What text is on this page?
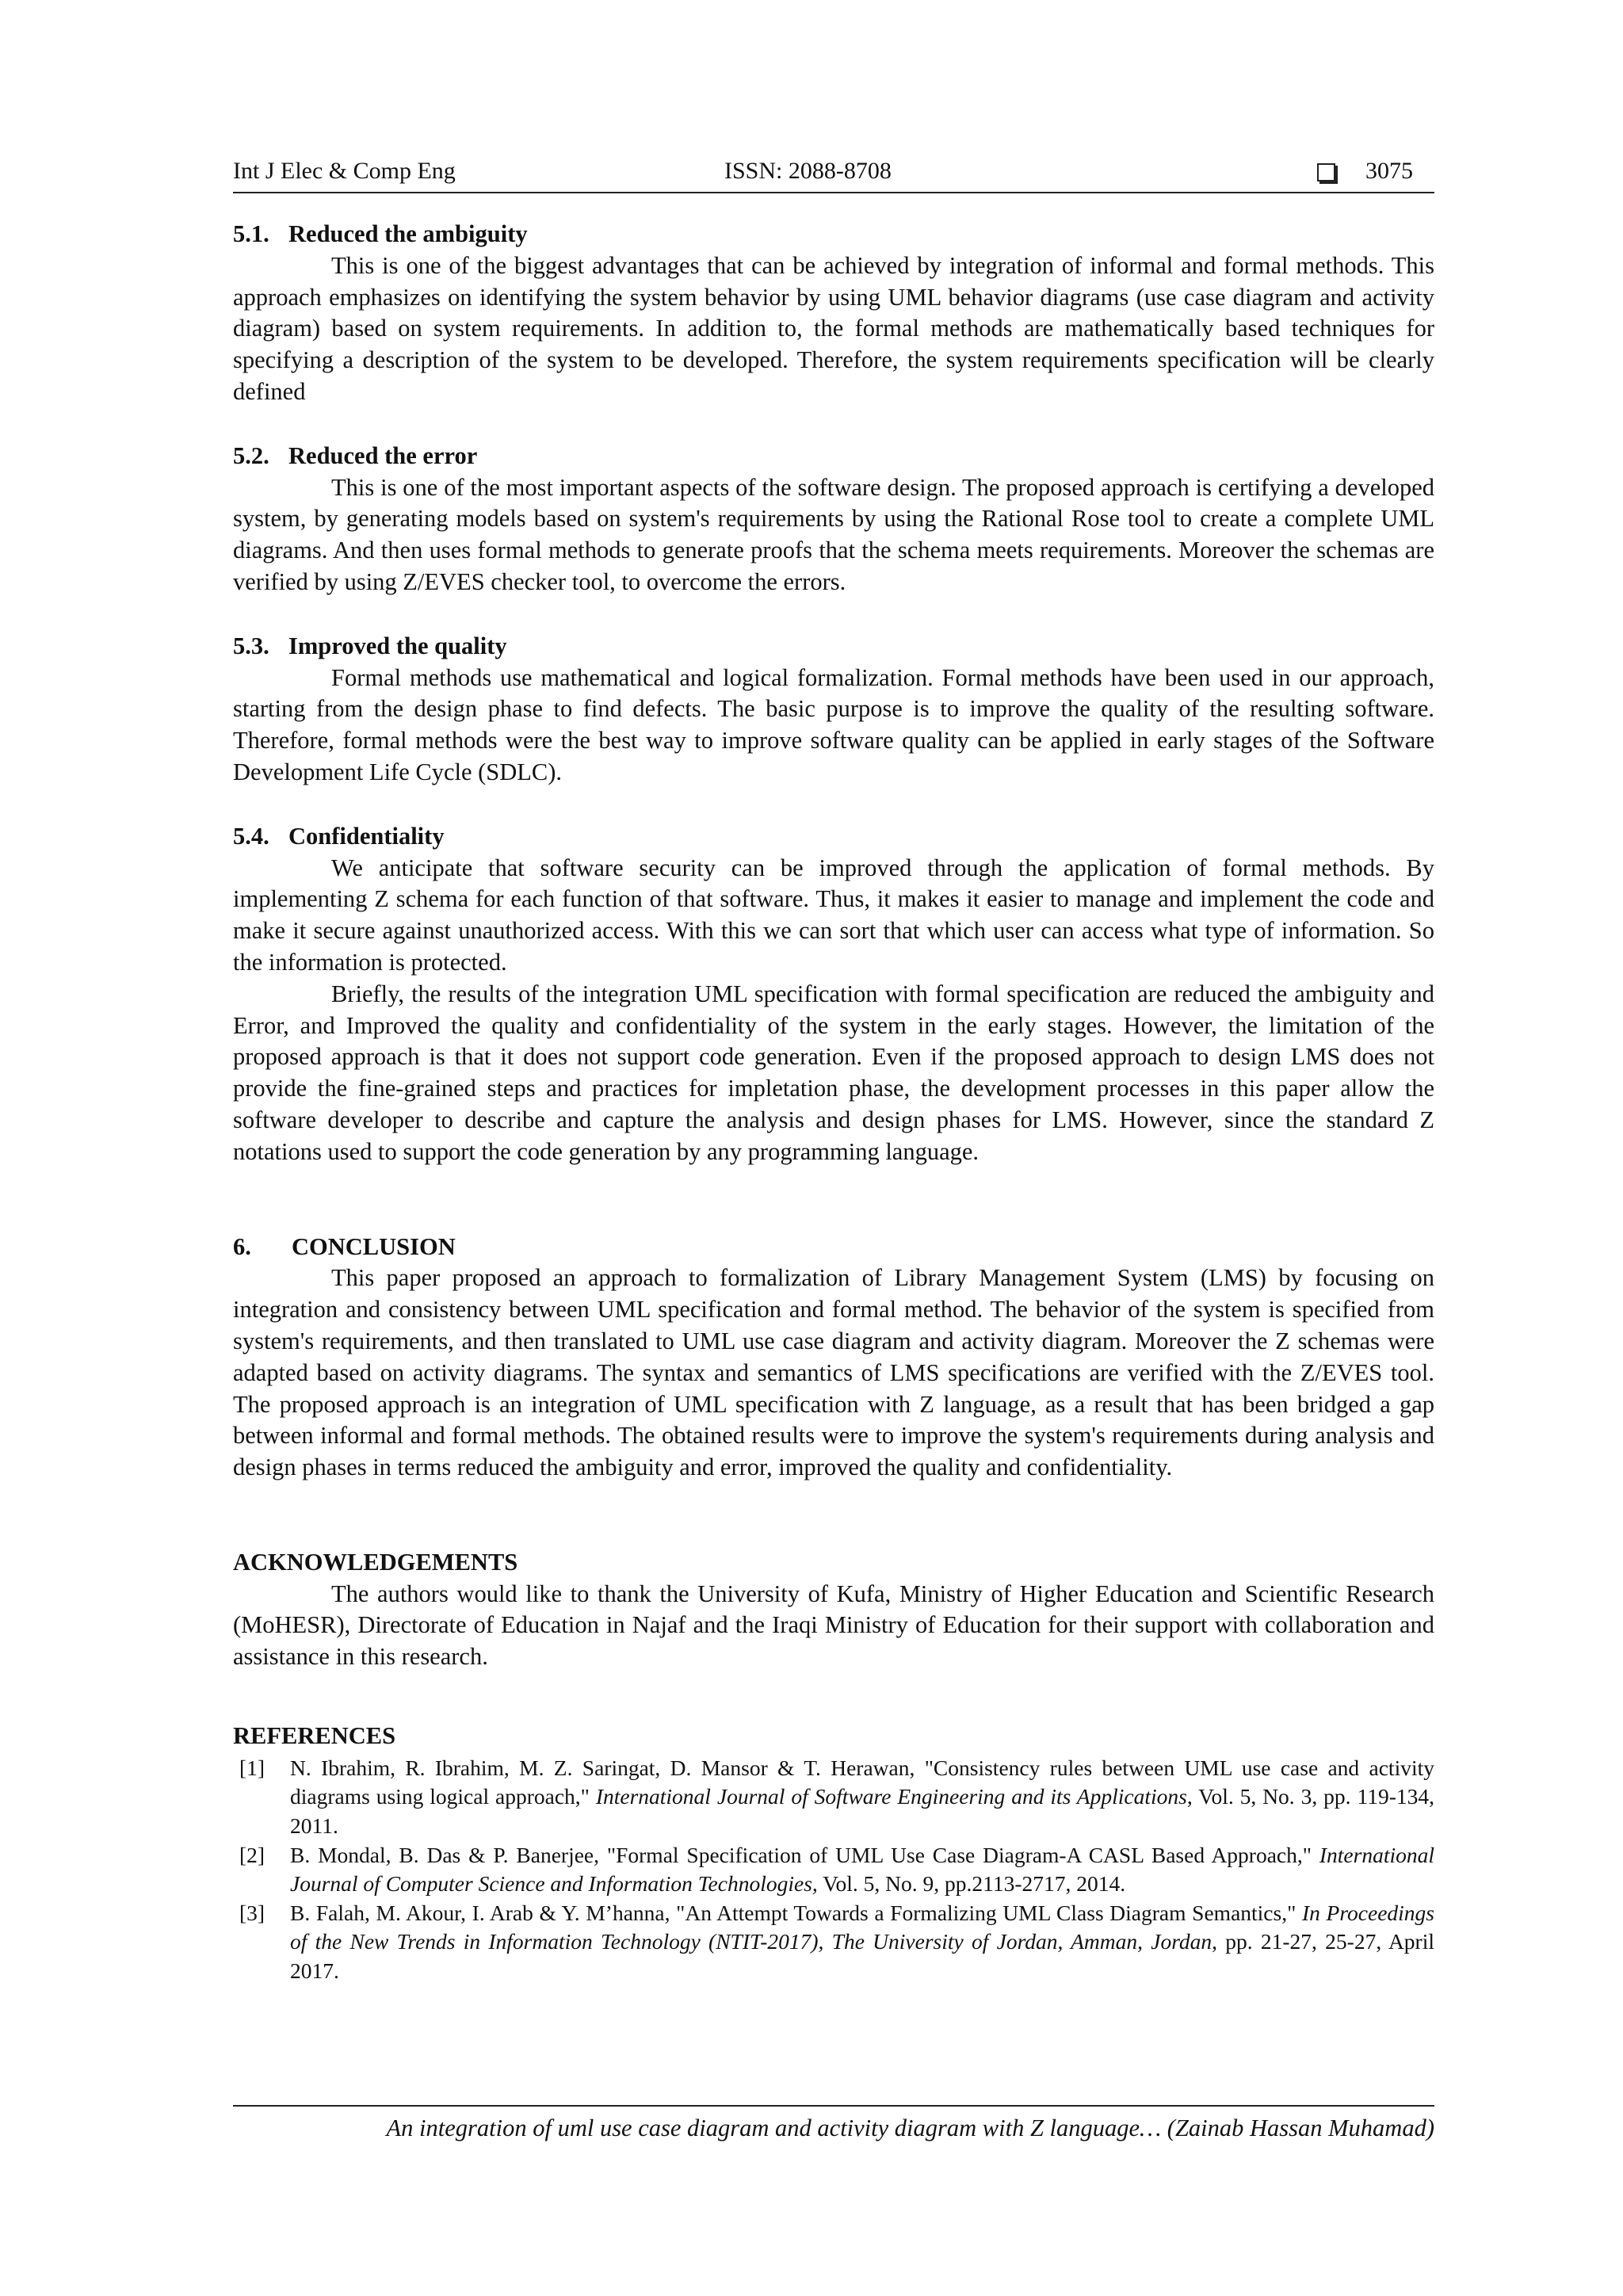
Int J Elec & Comp Eng	ISSN: 2088-8708	3075

5.1. Reduced the ambiguity

This is one of the biggest advantages that can be achieved by integration of informal and formal methods. This approach emphasizes on identifying the system behavior by using UML behavior diagrams (use case diagram and activity diagram) based on system requirements. In addition to, the formal methods are mathematically based techniques for specifying a description of the system to be developed. Therefore, the system requirements specification will be clearly defined

5.2. Reduced the error

This is one of the most important aspects of the software design. The proposed approach is certifying a developed system, by generating models based on system's requirements by using the Rational Rose tool to create a complete UML diagrams. And then uses formal methods to generate proofs that the schema meets requirements. Moreover the schemas are verified by using Z/EVES checker tool, to overcome the errors.

5.3. Improved the quality

Formal methods use mathematical and logical formalization. Formal methods have been used in our approach, starting from the design phase to find defects. The basic purpose is to improve the quality of the resulting software. Therefore, formal methods were the best way to improve software quality can be applied in early stages of the Software Development Life Cycle (SDLC).

5.4. Confidentiality

We anticipate that software security can be improved through the application of formal methods. By implementing Z schema for each function of that software. Thus, it makes it easier to manage and implement the code and make it secure against unauthorized access. With this we can sort that which user can access what type of information. So the information is protected.

Briefly, the results of the integration UML specification with formal specification are reduced the ambiguity and Error, and Improved the quality and confidentiality of the system in the early stages. However, the limitation of the proposed approach is that it does not support code generation. Even if the proposed approach to design LMS does not provide the fine-grained steps and practices for impletation phase, the development processes in this paper allow the software developer to describe and capture the analysis and design phases for LMS. However, since the standard Z notations used to support the code generation by any programming language.

6. CONCLUSION

This paper proposed an approach to formalization of Library Management System (LMS) by focusing on integration and consistency between UML specification and formal method. The behavior of the system is specified from system's requirements, and then translated to UML use case diagram and activity diagram. Moreover the Z schemas were adapted based on activity diagrams. The syntax and semantics of LMS specifications are verified with the Z/EVES tool. The proposed approach is an integration of UML specification with Z language, as a result that has been bridged a gap between informal and formal methods. The obtained results were to improve the system's requirements during analysis and design phases in terms reduced the ambiguity and error, improved the quality and confidentiality.

ACKNOWLEDGEMENTS

The authors would like to thank the University of Kufa, Ministry of Higher Education and Scientific Research (MoHESR), Directorate of Education in Najaf and the Iraqi Ministry of Education for their support with collaboration and assistance in this research.

REFERENCES

[1]	N. Ibrahim, R. Ibrahim, M. Z. Saringat, D. Mansor & T. Herawan, "Consistency rules between UML use case and activity diagrams using logical approach," International Journal of Software Engineering and its Applications, Vol. 5, No. 3, pp. 119-134, 2011.
[2]	B. Mondal, B. Das & P. Banerjee, "Formal Specification of UML Use Case Diagram-A CASL Based Approach," International Journal of Computer Science and Information Technologies, Vol. 5, No. 9, pp.2113-2717, 2014.
[3]	B. Falah, M. Akour, I. Arab & Y. M’hanna, "An Attempt Towards a Formalizing UML Class Diagram Semantics," In Proceedings of the New Trends in Information Technology (NTIT-2017), The University of Jordan, Amman, Jordan, pp. 21-27, 25-27, April 2017.
An integration of uml use case diagram and activity diagram with Z language… (Zainab Hassan Muhamad)
